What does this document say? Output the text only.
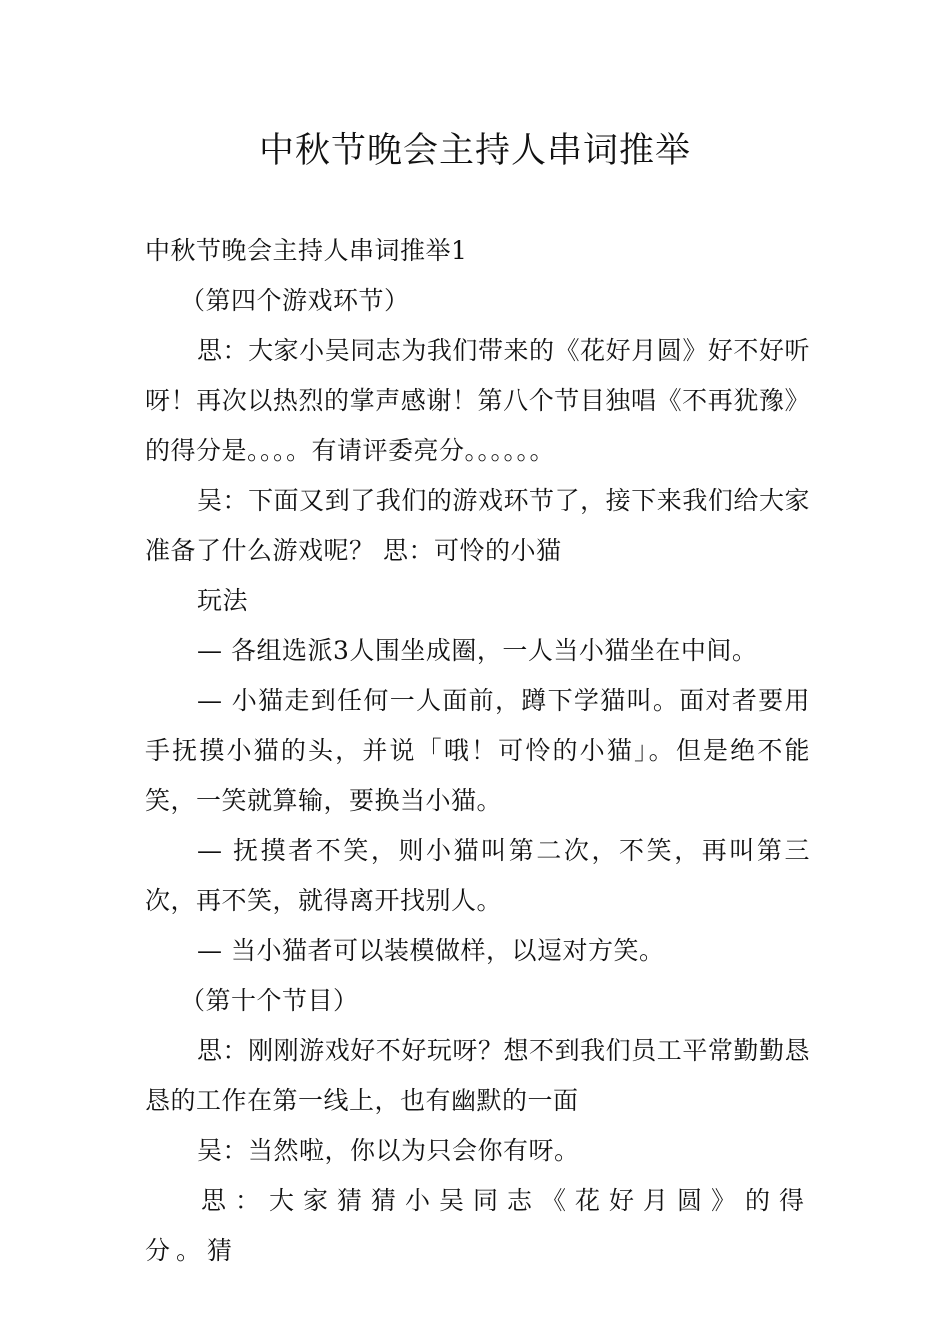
中秋节晚会主持人串词推举

中秋节晚会主持人串词推举1

（第四个游戏环节）

思：大家小吴同志为我们带来的《花好月圆》好不好听呀！再次以热烈的掌声感谢！第八个节目独唱《不再犹豫》的得分是。。。。有请评委亮分。。。。。。

吴：下面又到了我们的游戏环节了，接下来我们给大家准备了什么游戏呢？ 思：可怜的小猫

玩法

— 各组选派3人围坐成圈，一人当小猫坐在中间。

— 小猫走到任何一人面前，蹲下学猫叫。面对者要用手抚摸小猫的头，并说「哦！可怜的小猫」。但是绝不能笑，一笑就算输，要换当小猫。

— 抚摸者不笑，则小猫叫第二次，不笑，再叫第三次，再不笑，就得离开找别人。

— 当小猫者可以装模做样，以逗对方笑。

（第十个节目）

思：刚刚游戏好不好玩呀？想不到我们员工平常勤勤恳恳的工作在第一线上，也有幽默的一面

吴：当然啦，你以为只会你有呀。

思：大家猜猜小吴同志《花好月圆》的得分。猜
